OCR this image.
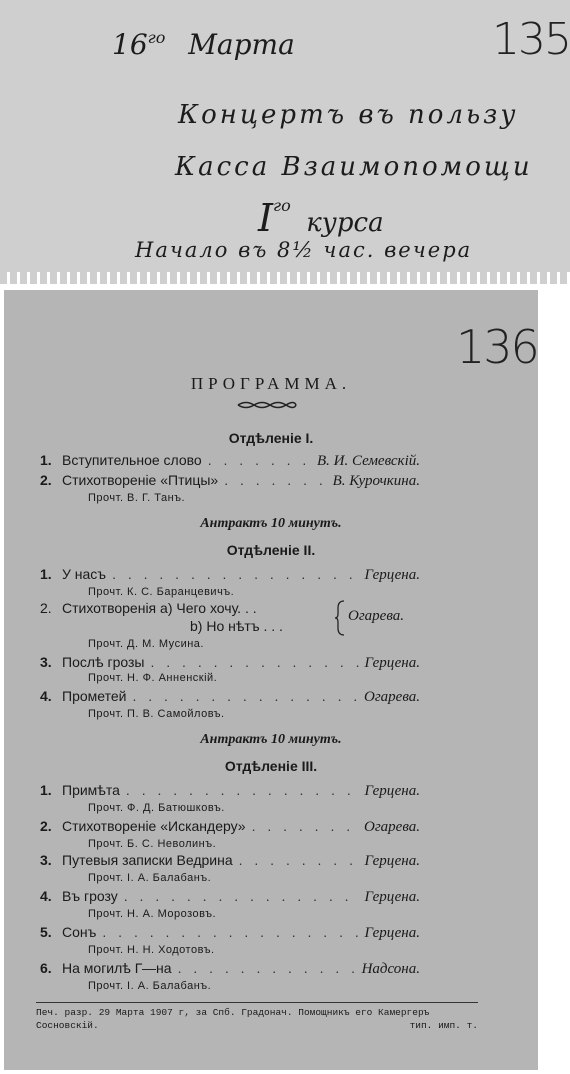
$16^{го}$ Марта	135

Концертъ въ пользу

Касса Взаимопомощи

$I^{го}$ курса

Начало въ 8½ час. вечера

136

ПРОГРАММА.

Отдѣленіе I.

1. Вступительное слово . . .	В. И. Семевскій.
2. Стихотвореніе «Птицы» . . .	В. Курочкина.

Прочт. В. Г. Танъ.

Антрактъ 10 минутъ.

Отдѣленіе II.

1. У насъ . . .	Герцена.

Прочт. К. С. Баранцевичъ.

2. Стихотворенія a) Чего хочу. . .
b) Но нѣтъ . . .
Огарева.

Прочт. Д. М. Мусина.

3. Послѣ грозы . . .	Герцена.

Прочт. Н. Ф. Анненскій.

4. Прометей . . .	Огарева.

Прочт. П. В. Самойловъ.

Антрактъ 10 минутъ.

Отдѣленіе III.

1. Примѣта . . .	Герцена.

Прочт. Ф. Д. Батюшковъ.

2. Стихотвореніе «Искандеру» . . .	Огарева.

Прочт. Б. С. Неволинъ.

3. Путевыя записки Ведрина . . .	Герцена.

Прочт. І. А. Балабанъ.

4. Въ грозу . . .	Герцена.

Прочт. Н. А. Морозовъ.

5. Сонъ . . .	Герцена.

Прочт. Н. Н. Ходотовъ.

6. На могилѣ Г—на . . .	Надсона.

Прочт. І. А. Балабанъ.

Печ. разр. 29 Марта 1907 г, за Спб. Градонач. Помощникъ его Камергеръ
Сосновскій.	тип. имп. т.
